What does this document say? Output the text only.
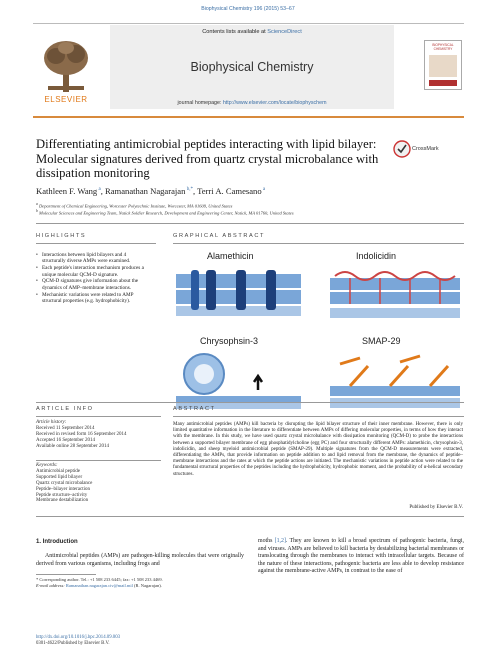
Biophysical Chemistry 196 (2015) 53–67
ELSEVIER
Contents lists available at ScienceDirect
Biophysical Chemistry
journal homepage: http://www.elsevier.com/locate/biophyschem
BIOPHYSICAL CHEMISTRY
Differentiating antimicrobial peptides interacting with lipid bilayer:
Molecular signatures derived from quartz crystal microbalance with
dissipation monitoring
CrossMark
Kathleen F. Wang $^a$, Ramanathan Nagarajan $^{b,*}$, Terri A. Camesano $^a$
$^a$ Department of Chemical Engineering, Worcester Polytechnic Institute, Worcester, MA 01609, United States
$^b$ Molecular Sciences and Engineering Team, Natick Soldier Research, Development and Engineering Center, Natick, MA 01760, United States
HIGHLIGHTS
• Interactions between lipid bilayers and 4 structurally diverse AMPs were examined.
• Each peptide's interaction mechanism produces a unique molecular QCM-D signature.
• QCM-D signatures give information about the dynamics of AMP–membrane interactions.
• Mechanistic variations were related to AMP structural properties (e.g. hydrophobicity).
GRAPHICAL ABSTRACT
Alamethicin	Indolicidin
Chrysophsin-3	SMAP-29
ARTICLE INFO
Article history:
Received 11 September 2014
Received in revised form 16 September 2014
Accepted 16 September 2014
Available online 28 September 2014
Keywords:
Antimicrobial peptide
Supported lipid bilayer
Quartz crystal microbalance
Peptide–bilayer interaction
Peptide structure–activity
Membrane destabilization
ABSTRACT
Many antimicrobial peptides (AMPs) kill bacteria by disrupting the lipid bilayer structure of their inner membrane. However, there is only limited quantitative information in the literature to differentiate between AMPs of differing molecular properties, in terms of how they interact with the membrane. In this study, we have used quartz crystal microbalance with dissipation monitoring (QCM-D) to probe the interactions between a supported bilayer membrane of egg phosphatidylcholine (egg PC) and four structurally different AMPs: alamethicin, chrysophsin-3, indolicidin, and sheep myeloid antimicrobial peptide (SMAP-29). Multiple signatures from the QCM-D measurements were extracted, differentiating the AMPs, that provide information on peptide addition to and lipid removal from the membrane, the dynamics of peptide–membrane interactions and the rates at which the peptide actions are initiated. The mechanistic variations in peptide action were related to the fundamental structural properties of the peptides including the hydrophobicity, hydrophobic moment, and the probability of α-helical secondary structures.
Published by Elsevier B.V.
1. Introduction
Antimicrobial peptides (AMPs) are pathogen-killing molecules that were originally derived from various organisms, including frogs and
moths [1,2]. They are known to kill a broad spectrum of pathogenic bacteria, fungi, and viruses. AMPs are believed to kill bacteria by destabilizing bacterial membranes or translocating through the membranes to interact with intracellular targets. Because of the nature of these interactions, pathogenic bacteria are less able to develop resistance against the membrane-active AMPs, in contrast to the ease of
* Corresponding author. Tel.: +1 508 233 6445; fax: +1 508 233 4469.
E-mail address: Ramanathan.nagarajan.civ@mail.mil (R. Nagarajan).
http://dx.doi.org/10.1016/j.bpc.2014.09.003
0301-4622/Published by Elsevier B.V.
